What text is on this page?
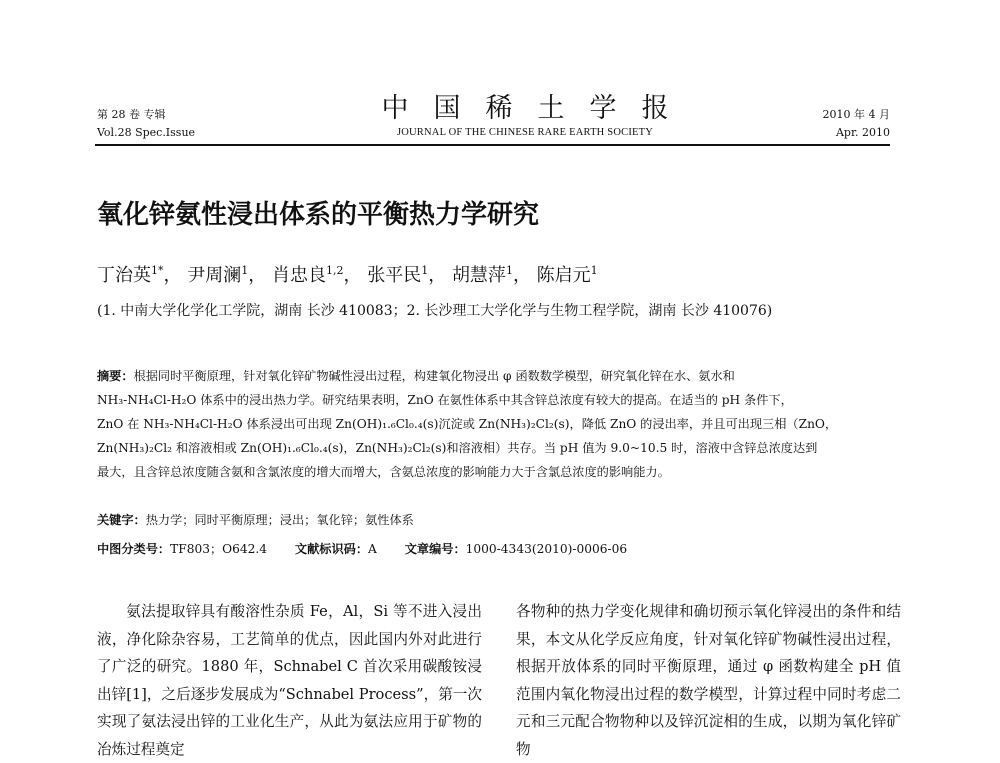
第 28 卷 专辑
Vol.28 Spec.Issue
中国稀土学报
JOURNAL OF THE CHINESE RARE EARTH SOCIETY
2010 年 4 月
Apr. 2010
氧化锌氨性浸出体系的平衡热力学研究
丁治英$^{1*}$， 尹周澜$^1$， 肖忠良$^{1,2}$， 张平民$^1$， 胡慧萍$^1$， 陈启元$^1$
(1. 中南大学化学化工学院，湖南 长沙 410083；2. 长沙理工大学化学与生物工程学院，湖南 长沙 410076)
摘要：根据同时平衡原理，针对氧化锌矿物碱性浸出过程，构建氧化物浸出 φ 函数数学模型，研究氧化锌在水、氨水和
NH₃-NH₄Cl-H₂O 体系中的浸出热力学。研究结果表明，ZnO 在氨性体系中其含锌总浓度有较大的提高。在适当的 pH 条件下，
ZnO 在 NH₃-NH₄Cl-H₂O 体系浸出可出现 Zn(OH)₁.₆Cl₀.₄(s)沉淀或 Zn(NH₃)₂Cl₂(s)，降低 ZnO 的浸出率，并且可出现三相（ZnO，
Zn(NH₃)₂Cl₂ 和溶液相或 Zn(OH)₁.₆Cl₀.₄(s)，Zn(NH₃)₂Cl₂(s)和溶液相）共存。当 pH 值为 9.0~10.5 时，溶液中含锌总浓度达到
最大，且含锌总浓度随含氨和含氯浓度的增大而增大，含氨总浓度的影响能力大于含氯总浓度的影响能力。
关键字：热力学；同时平衡原理；浸出；氧化锌；氨性体系
中图分类号：TF803；O642.4 文献标识码：A 文章编号：1000-4343(2010)-0006-06
氨法提取锌具有酸溶性杂质 Fe，Al，Si 等不进入浸出液，净化除杂容易，工艺简单的优点，因此国内外对此进行了广泛的研究。1880 年，Schnabel C 首次采用碳酸铵浸出锌[1]，之后逐步发展成为“Schnabel Process”，第一次实现了氨法浸出锌的工业化生产，从此为氨法应用于矿物的冶炼过程奠定
各物种的热力学变化规律和确切预示氧化锌浸出的条件和结果，本文从化学反应角度，针对氧化锌矿物碱性浸出过程，根据开放体系的同时平衡原理，通过 φ 函数构建全 pH 值范围内氧化物浸出过程的数学模型，计算过程中同时考虑二元和三元配合物物种以及锌沉淀相的生成，以期为氧化锌矿物
